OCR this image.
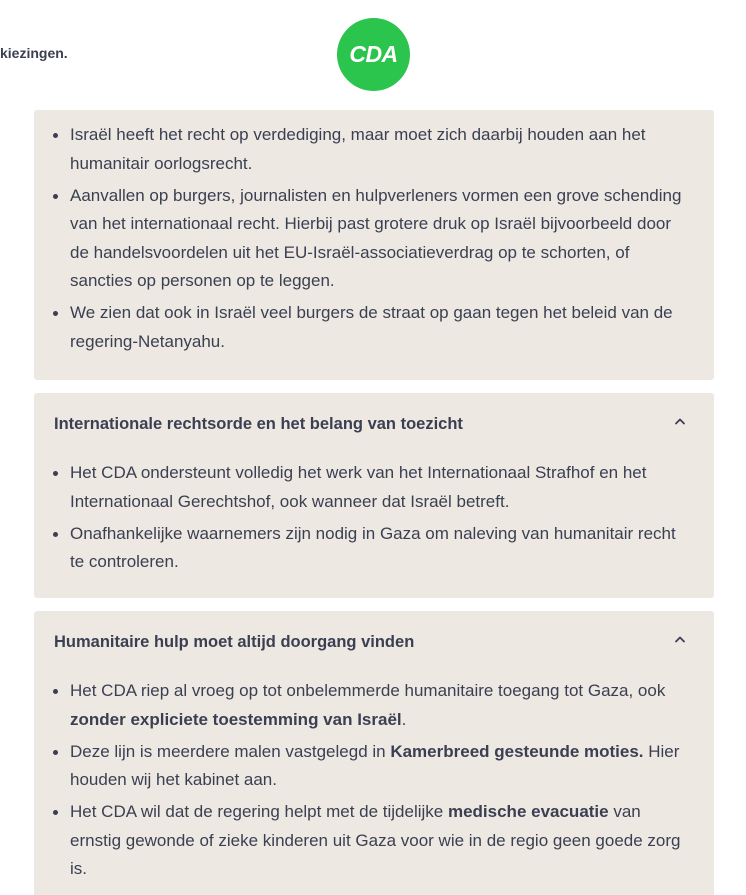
kiezingen.	CDA
Israël heeft het recht op verdediging, maar moet zich daarbij houden aan het humanitair oorlogsrecht.
Aanvallen op burgers, journalisten en hulpverleners vormen een grove schending van het internationaal recht. Hierbij past grotere druk op Israël bijvoorbeeld door de handelsvoordelen uit het EU-Israël-associatieverdrag op te schorten, of sancties op personen op te leggen.
We zien dat ook in Israël veel burgers de straat op gaan tegen het beleid van de regering-Netanyahu.
Internationale rechtsorde en het belang van toezicht
Het CDA ondersteunt volledig het werk van het Internationaal Strafhof en het Internationaal Gerechtshof, ook wanneer dat Israël betreft.
Onafhankelijke waarnemers zijn nodig in Gaza om naleving van humanitair recht te controleren.
Humanitaire hulp moet altijd doorgang vinden
Het CDA riep al vroeg op tot onbelemmerde humanitaire toegang tot Gaza, ook zonder expliciete toestemming van Israël.
Deze lijn is meerdere malen vastgelegd in Kamerbreed gesteunde moties. Hier houden wij het kabinet aan.
Het CDA wil dat de regering helpt met de tijdelijke medische evacuatie van ernstig gewonde of zieke kinderen uit Gaza voor wie in de regio geen goede zorg is.
